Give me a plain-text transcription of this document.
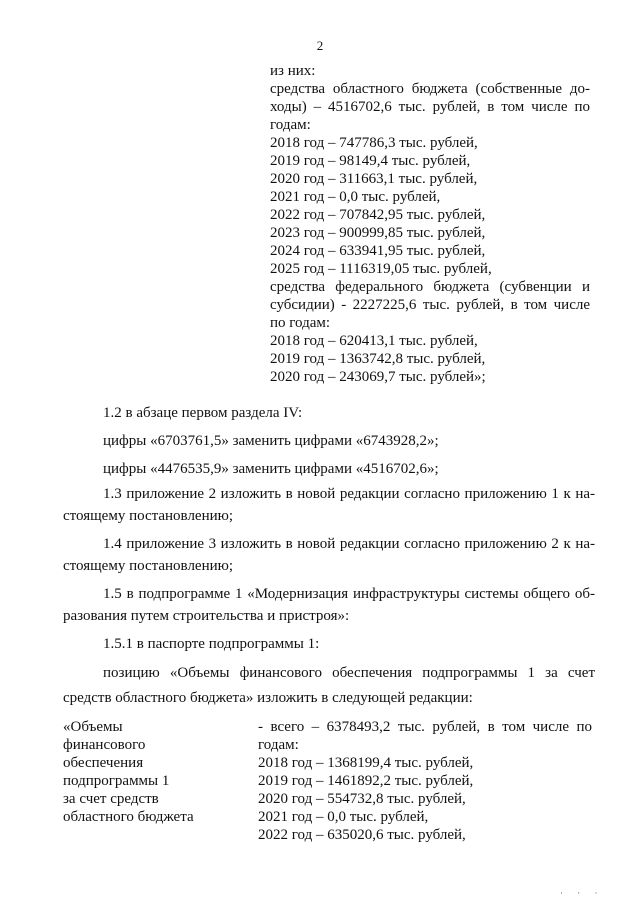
2
из них:
средства областного бюджета (собственные до-
ходы) – 4516702,6 тыс. рублей, в том числе по
годам:
2018 год – 747786,3 тыс. рублей,
2019 год – 98149,4 тыс. рублей,
2020 год – 311663,1 тыс. рублей,
2021 год – 0,0 тыс. рублей,
2022 год – 707842,95 тыс. рублей,
2023 год – 900999,85 тыс. рублей,
2024 год – 633941,95 тыс. рублей,
2025 год – 1116319,05 тыс. рублей,
средства федерального бюджета (субвенции и
субсидии) - 2227225,6 тыс. рублей, в том числе
по годам:
2018 год – 620413,1 тыс. рублей,
2019 год – 1363742,8 тыс. рублей,
2020 год – 243069,7 тыс. рублей»;
1.2 в абзаце первом раздела IV:
цифры «6703761,5» заменить цифрами «6743928,2»;
цифры «4476535,9» заменить цифрами «4516702,6»;
1.3 приложение 2 изложить в новой редакции согласно приложению 1 к на-
стоящему постановлению;
1.4 приложение 3 изложить в новой редакции согласно приложению 2 к на-
стоящему постановлению;
1.5 в подпрограмме 1 «Модернизация инфраструктуры системы общего об-
разования путем строительства и пристроя»:
1.5.1 в паспорте подпрограммы 1:
позицию «Объемы финансового обеспечения подпрограммы 1 за счет
средств областного бюджета» изложить в следующей редакции:
«Объемы
финансового
обеспечения
подпрограммы 1
за счет средств
областного бюджета
- всего – 6378493,2 тыс. рублей, в том числе по
годам:
2018 год – 1368199,4 тыс. рублей,
2019 год – 1461892,2 тыс. рублей,
2020 год – 554732,8 тыс. рублей,
2021 год – 0,0 тыс. рублей,
2022 год – 635020,6 тыс. рублей,
· · ·
